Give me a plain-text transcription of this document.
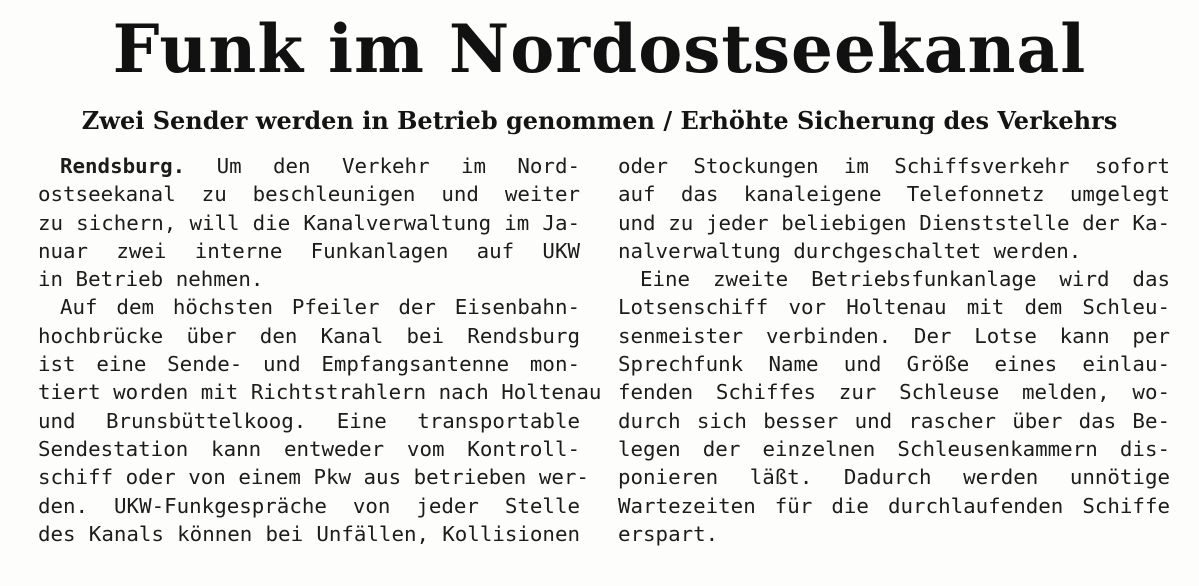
Funk im Nordostseekanal
Zwei Sender werden in Betrieb genommen / Erhöhte Sicherung des Verkehrs
Rendsburg. Um den Verkehr im Nord-
ostseekanal zu beschleunigen und weiter
zu sichern, will die Kanalverwaltung im Ja-
nuar zwei interne Funkanlagen auf UKW
in Betrieb nehmen.
Auf dem höchsten Pfeiler der Eisenbahn-
hochbrücke über den Kanal bei Rendsburg
ist eine Sende- und Empfangsantenne mon-
tiert worden mit Richtstrahlern nach Holtenau
und Brunsbüttelkoog. Eine transportable
Sendestation kann entweder vom Kontroll-
schiff oder von einem Pkw aus betrieben wer-
den. UKW-Funkgespräche von jeder Stelle
des Kanals können bei Unfällen, Kollisionen
oder Stockungen im Schiffsverkehr sofort
auf das kanaleigene Telefonnetz umgelegt
und zu jeder beliebigen Dienststelle der Ka-
nalverwaltung durchgeschaltet werden.
Eine zweite Betriebsfunkanlage wird das
Lotsenschiff vor Holtenau mit dem Schleu-
senmeister verbinden. Der Lotse kann per
Sprechfunk Name und Größe eines einlau-
fenden Schiffes zur Schleuse melden, wo-
durch sich besser und rascher über das Be-
legen der einzelnen Schleusenkammern dis-
ponieren läßt. Dadurch werden unnötige
Wartezeiten für die durchlaufenden Schiffe
erspart.
